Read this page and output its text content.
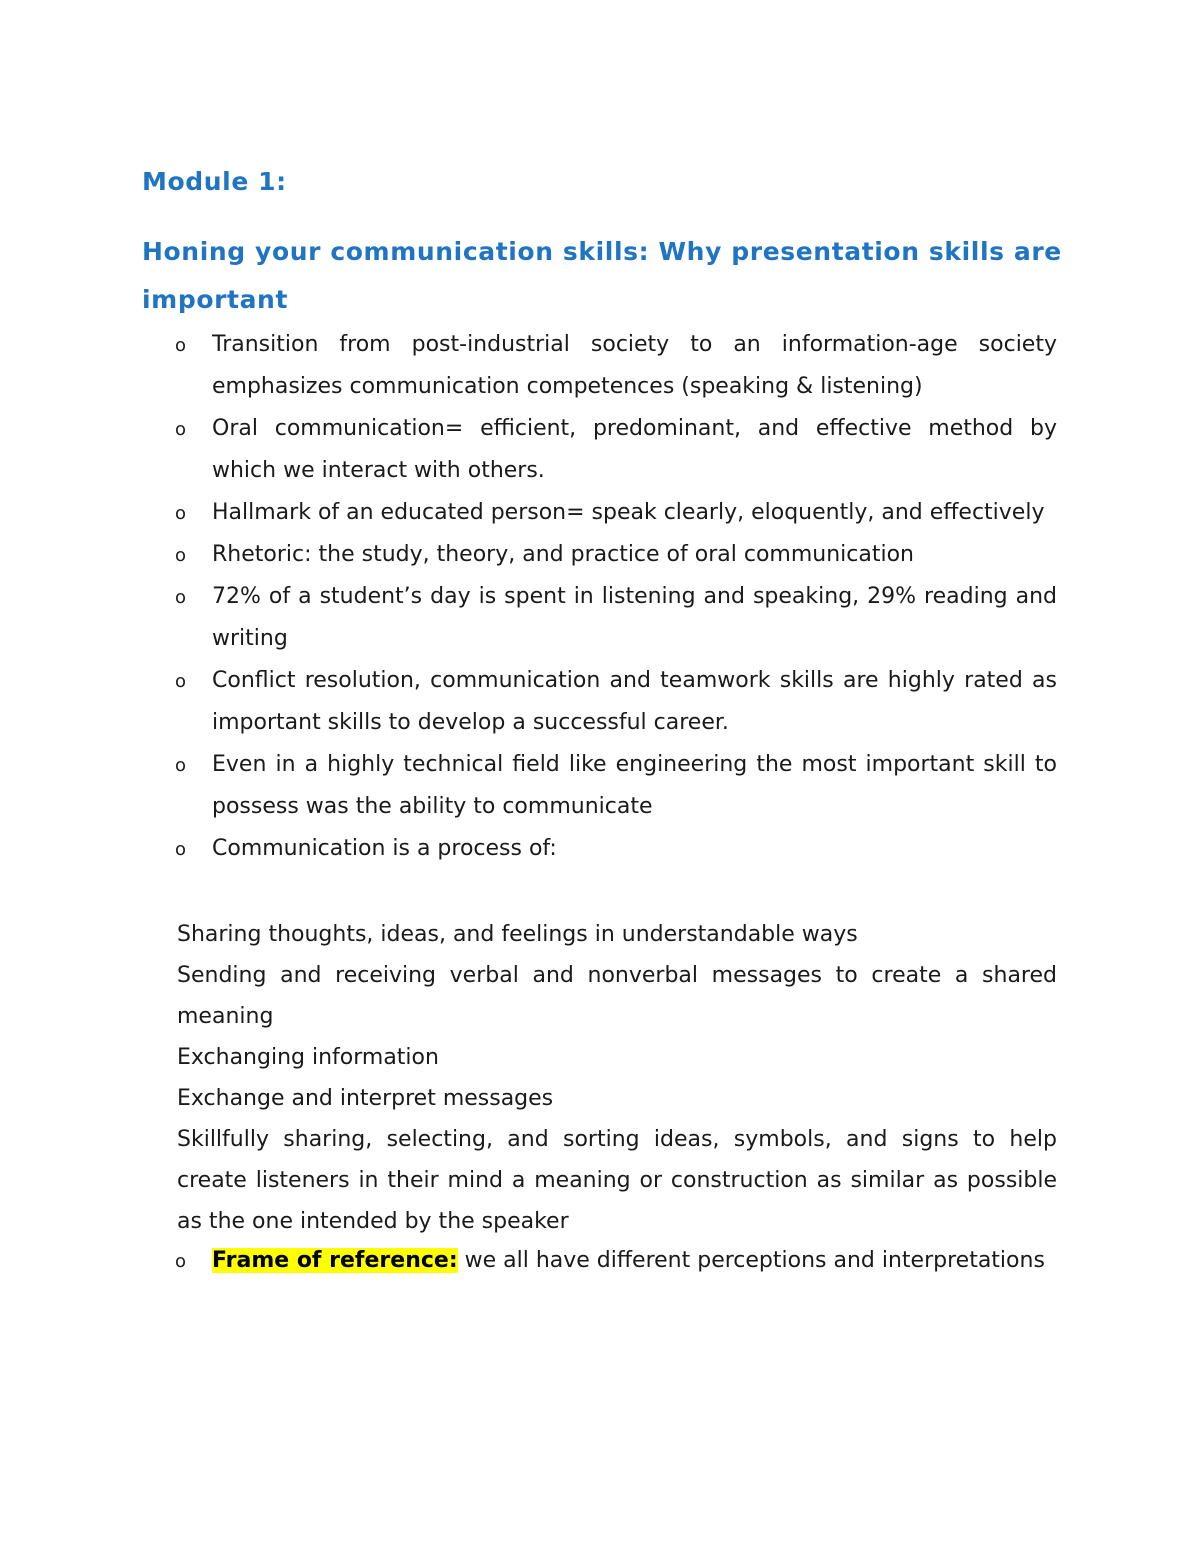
Module 1:
Honing your communication skills: Why presentation skills are important
o Transition from post-industrial society to an information-age society emphasizes communication competences (speaking & listening)
o Oral communication= efficient, predominant, and effective method by which we interact with others.
o Hallmark of an educated person= speak clearly, eloquently, and effectively
o Rhetoric: the study, theory, and practice of oral communication
o 72% of a student’s day is spent in listening and speaking, 29% reading and writing
o Conflict resolution, communication and teamwork skills are highly rated as important skills to develop a successful career.
o Even in a highly technical field like engineering the most important skill to possess was the ability to communicate
o Communication is a process of:

Sharing thoughts, ideas, and feelings in understandable ways

Sending and receiving verbal and nonverbal messages to create a shared meaning

Exchanging information

Exchange and interpret messages

Skillfully sharing, selecting, and sorting ideas, symbols, and signs to help create listeners in their mind a meaning or construction as similar as possible as the one intended by the speaker

o Frame of reference: we all have different perceptions and interpretations
